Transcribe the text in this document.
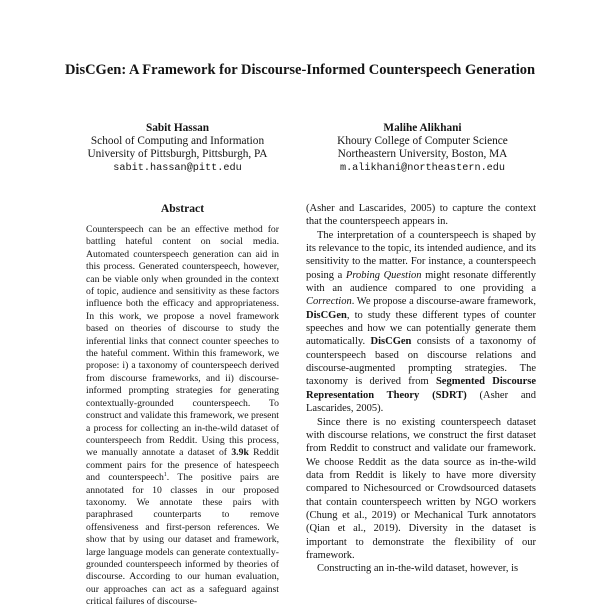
DisCGen: A Framework for Discourse-Informed Counterspeech Generation
Sabit Hassan
School of Computing and Information
University of Pittsburgh, Pittsburgh, PA
sabit.hassan@pitt.edu
Malihe Alikhani
Khoury College of Computer Science
Northeastern University, Boston, MA
m.alikhani@northeastern.edu
Abstract
Counterspeech can be an effective method for battling hateful content on social media. Automated counterspeech generation can aid in this process. Generated counterspeech, however, can be viable only when grounded in the context of topic, audience and sensitivity as these factors influence both the efficacy and appropriateness. In this work, we propose a novel framework based on theories of discourse to study the inferential links that connect counter speeches to the hateful comment. Within this framework, we propose: i) a taxonomy of counterspeech derived from discourse frameworks, and ii) discourse-informed prompting strategies for generating contextually-grounded counterspeech. To construct and validate this framework, we present a process for collecting an in-the-wild dataset of counterspeech from Reddit. Using this process, we manually annotate a dataset of 3.9k Reddit comment pairs for the presence of hatespeech and counterspeech$^1$. The positive pairs are annotated for 10 classes in our proposed taxonomy. We annotate these pairs with paraphrased counterparts to remove offensiveness and first-person references. We show that by using our dataset and framework, large language models can generate contextually-grounded counterspeech informed by theories of discourse. According to our human evaluation, our approaches can act as a safeguard against critical failures of discourse-

(Asher and Lascarides, 2005) to capture the context that the counterspeech appears in.

The interpretation of a counterspeech is shaped by its relevance to the topic, its intended audience, and its sensitivity to the matter. For instance, a counterspeech posing a Probing Question might resonate differently with an audience compared to one providing a Correction. We propose a discourse-aware framework, DisCGen, to study these different types of counter speeches and how we can potentially generate them automatically. DisCGen consists of a taxonomy of counterspeech based on discourse relations and discourse-augmented prompting strategies. The taxonomy is derived from Segmented Discourse Representation Theory (SDRT) (Asher and Lascarides, 2005).

Since there is no existing counterspeech dataset with discourse relations, we construct the first dataset from Reddit to construct and validate our framework. We choose Reddit as the data source as in-the-wild data from Reddit is likely to have more diversity compared to Nichesourced or Crowdsourced datasets that contain counterspeech written by NGO workers (Chung et al., 2019) or Mechanical Turk annotators (Qian et al., 2019). Diversity in the dataset is important to demonstrate the flexibility of our framework.

Constructing an in-the-wild dataset, however, is
